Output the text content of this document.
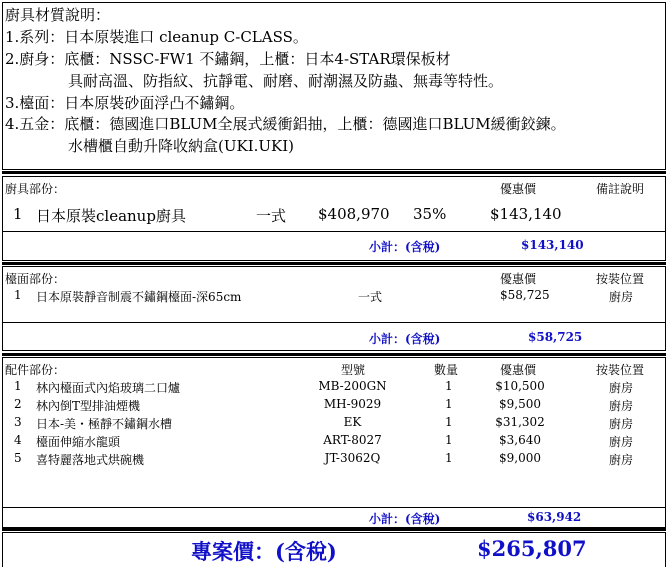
廚具材質說明：
1.系列：日本原裝進口 cleanup C-CLASS。
2.廚身：底櫃：NSSC-FW1 不鏽鋼，上櫃：日本4-STAR環保板材
具耐高溫、防指紋、抗靜電、耐磨、耐潮濕及防蟲、無毒等特性。
3.檯面：日本原裝砂面浮凸不鏽鋼。
4.五金：底櫃：德國進口BLUM全展式緩衝鋁抽，上櫃：德國進口BLUM緩衝鉸鍊。
水槽櫃自動升降收納盒(UKI.UKI)
廚具部份：	優惠價	備註說明
1 日本原裝cleanup廚具	一式 $408,970 35%	$143,140
小計：(含稅)	$143,140
檯面部份：	優惠價	按裝位置
1 日本原裝靜音制震不鏽鋼檯面-深65cm	一式	$58,725	廚房
小計：(含稅)	$58,725
配件部份：	型號	數量	優惠價	按裝位置
1 林內檯面式內焰玻璃二口爐	MB-200GN	1	$10,500	廚房
2 林內倒T型排油煙機	MH-9029	1	$9,500	廚房
3 日本-美・極靜不鏽鋼水槽	EK	1	$31,302	廚房
4 檯面伸縮水龍頭	ART-8027	1	$3,640	廚房
5 喜特麗落地式烘碗機	JT-3062Q	1	$9,000	廚房
小計：(含稅)	$63,942
專案價：(含稅)	$265,807
